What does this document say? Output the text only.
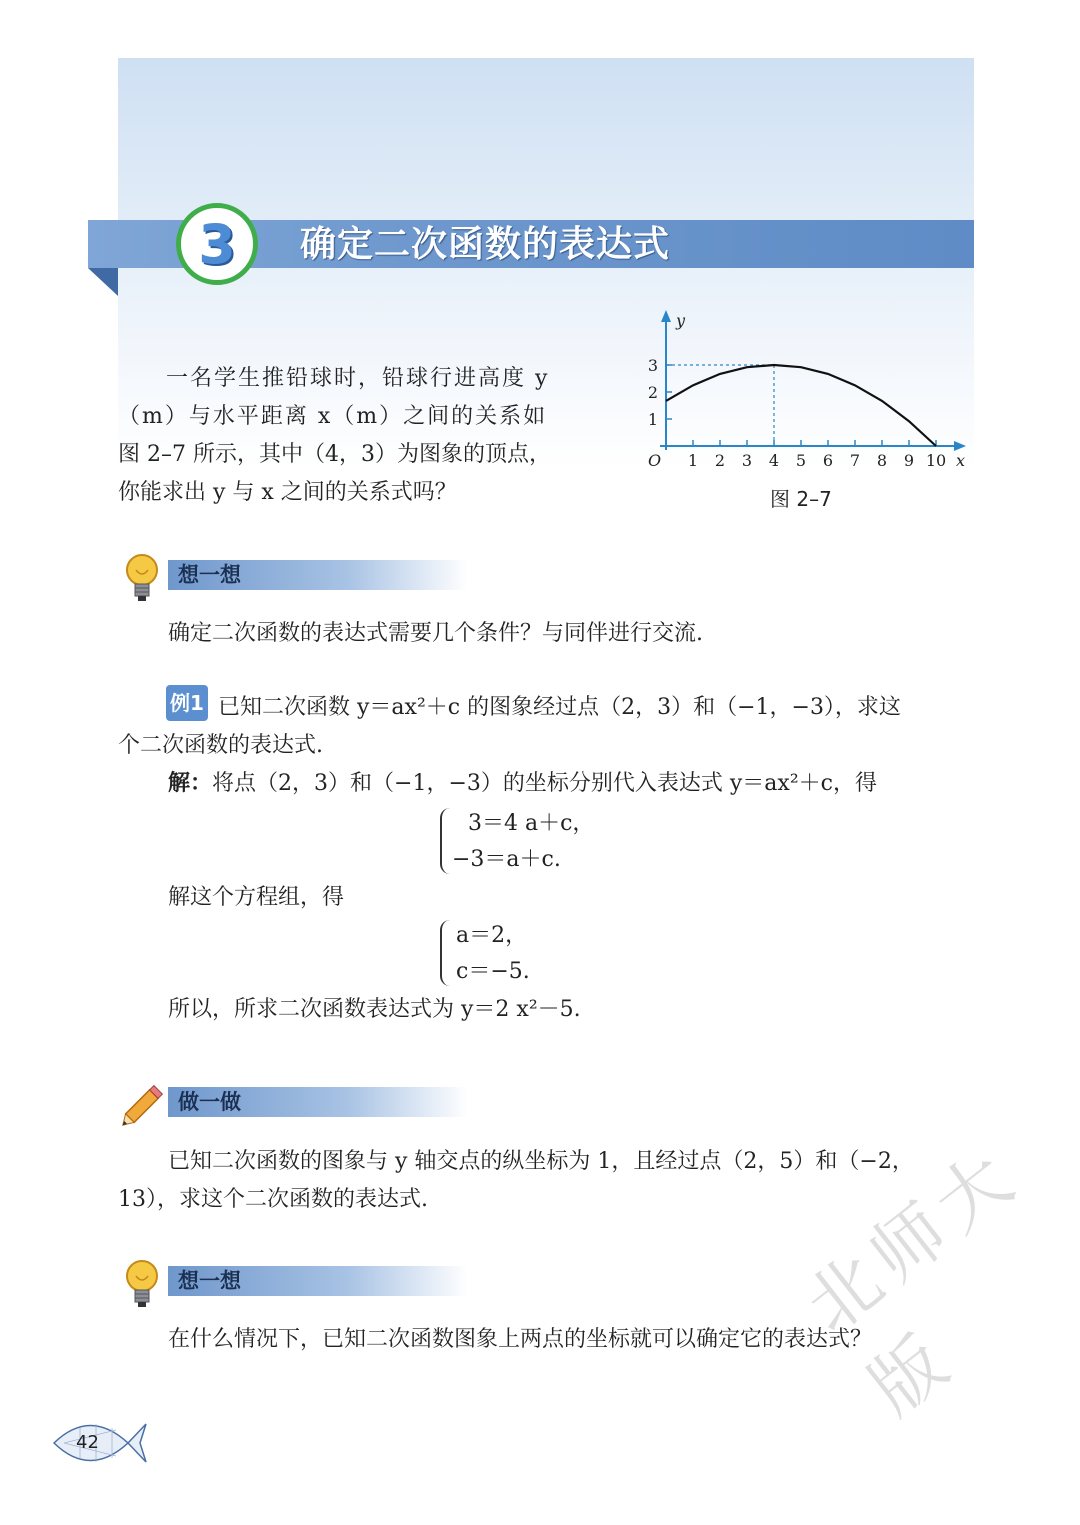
3 确定二次函数的表达式
一名学生推铅球时，铅球行进高度 y
（m）与水平距离 x（m）之间的关系如
图 2–7 所示，其中（4，3）为图象的顶点，
你能求出 y 与 x 之间的关系式吗？
1 2 3 4 5 6 7 8 9 10
1
2
3
x
y
O
图 2–7
想一想
确定二次函数的表达式需要几个条件？与同伴进行交流.
例1 已知二次函数 y＝ax²＋c 的图象经过点（2，3）和（−1，−3），求这
个二次函数的表达式.
解：将点（2，3）和（−1，−3）的坐标分别代入表达式 y＝ax²＋c，得
3＝4 a＋c，
−3＝a＋c.
解这个方程组，得
a＝2，
c＝−5.
所以，所求二次函数表达式为 y＝2 x²－5.
做一做
已知二次函数的图象与 y 轴交点的纵坐标为 1，且经过点（2，5）和（−2，
13），求这个二次函数的表达式.
想一想
在什么情况下，已知二次函数图象上两点的坐标就可以确定它的表达式？
42
北师大版
